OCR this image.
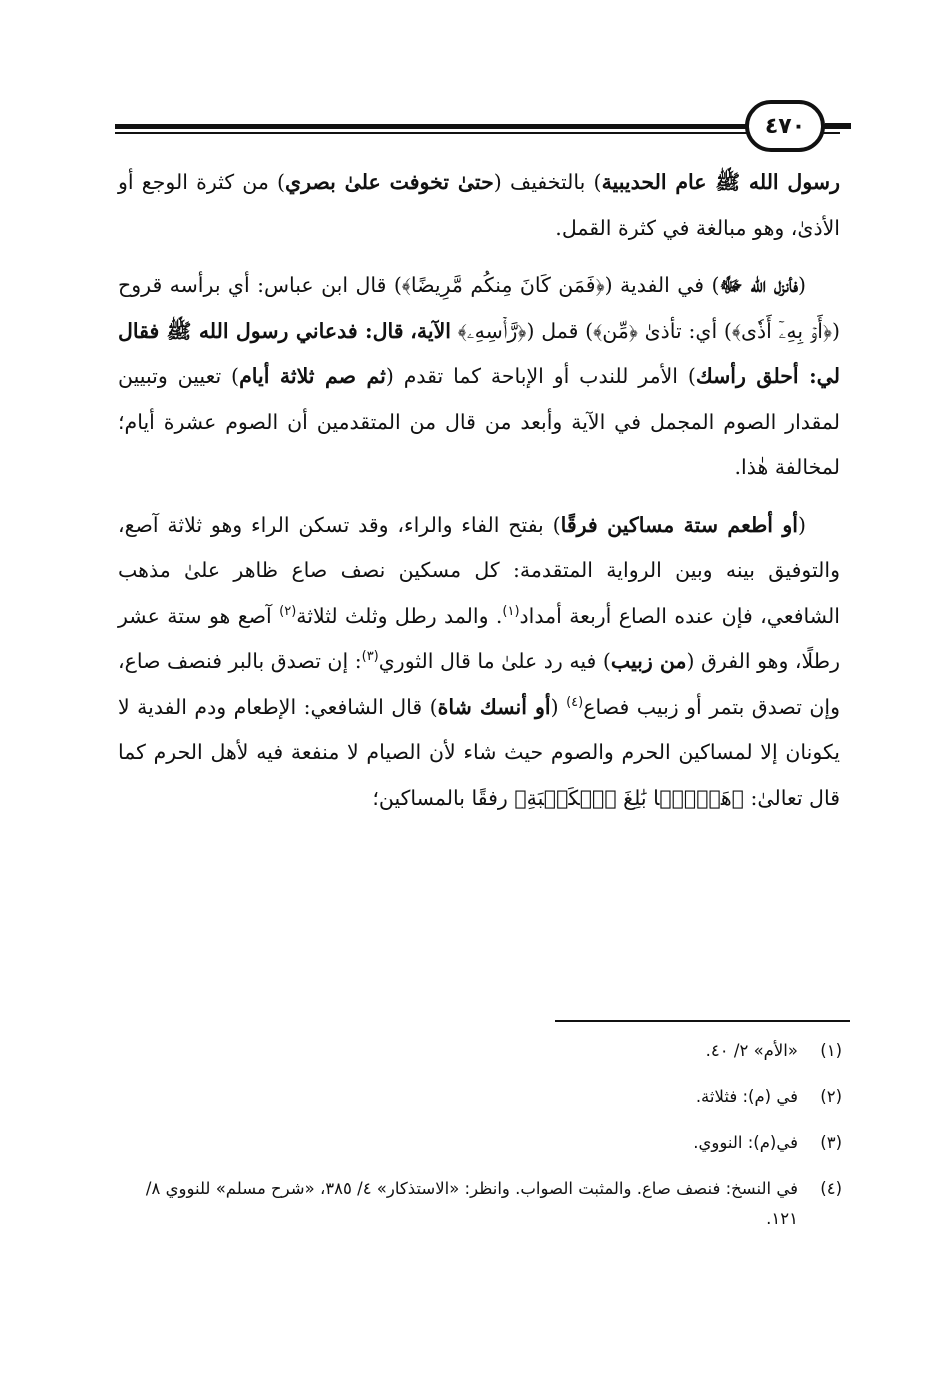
٤٧٠

رسول الله ﷺ عام الحديبية) بالتخفيف (حتىٰ تخوفت علىٰ بصري) من كثرة الوجع أو الأذىٰ، وهو مبالغة في كثرة القمل.

(فأنزل الله ﷻ) في الفدية (﴿فَمَن كَانَ مِنكُم مَّرِيضًا﴾) قال ابن عباس: أي برأسه قروح (﴿أَوۡ بِهِۦٓ أَذٗى﴾) أي: تأذىٰ ﴿مِّن﴾) قمل (﴿رَّأۡسِهِۦ﴾ الآية، قال: فدعاني رسول الله ﷺ فقال لي: أحلق رأسك) الأمر للندب أو الإباحة كما تقدم (ثم صم ثلاثة أيام) تعيين وتبيين لمقدار الصوم المجمل في الآية وأبعد من قال من المتقدمين أن الصوم عشرة أيام؛ لمخالفة هٰذا.

(أو أطعم ستة مساكين فرقًا) بفتح الفاء والراء، وقد تسكن الراء وهو ثلاثة آصع، والتوفيق بينه وبين الرواية المتقدمة: كل مسكين نصف صاع ظاهر علىٰ مذهب الشافعي، فإن عنده الصاع أربعة أمداد$^{(١)}$. والمد رطل وثلث لثلاثة$^{(٢)}$ آصع هو ستة عشر رطلًا، وهو الفرق (من زبيب) فيه رد علىٰ ما قال الثوري$^{(٣)}$: إن تصدق بالبر فنصف صاع، وإن تصدق بتمر أو زبيب فصاع$^{(٤)}$ (أو أنسك شاة) قال الشافعي: الإطعام ودم الفدية لا يكونان إلا لمساكين الحرم والصوم حيث شاء لأن الصيام لا منفعة فيه لأهل الحرم كما قال تعالىٰ: ﴿هَدۡيَۢا بَٰلِغَ ٱلۡكَعۡبَةِ﴾ رفقًا بالمساكين؛

(١)
«الأم» ٢/ ٤٠.
(٢)
في (م): فثلاثة.
(٣)
في(م): النووي.
(٤)
في النسخ: فنصف صاع. والمثبت الصواب. وانظر: «الاستذكار» ٤/ ٣٨٥، «شرح مسلم» للنووي ٨/ ١٢١.
